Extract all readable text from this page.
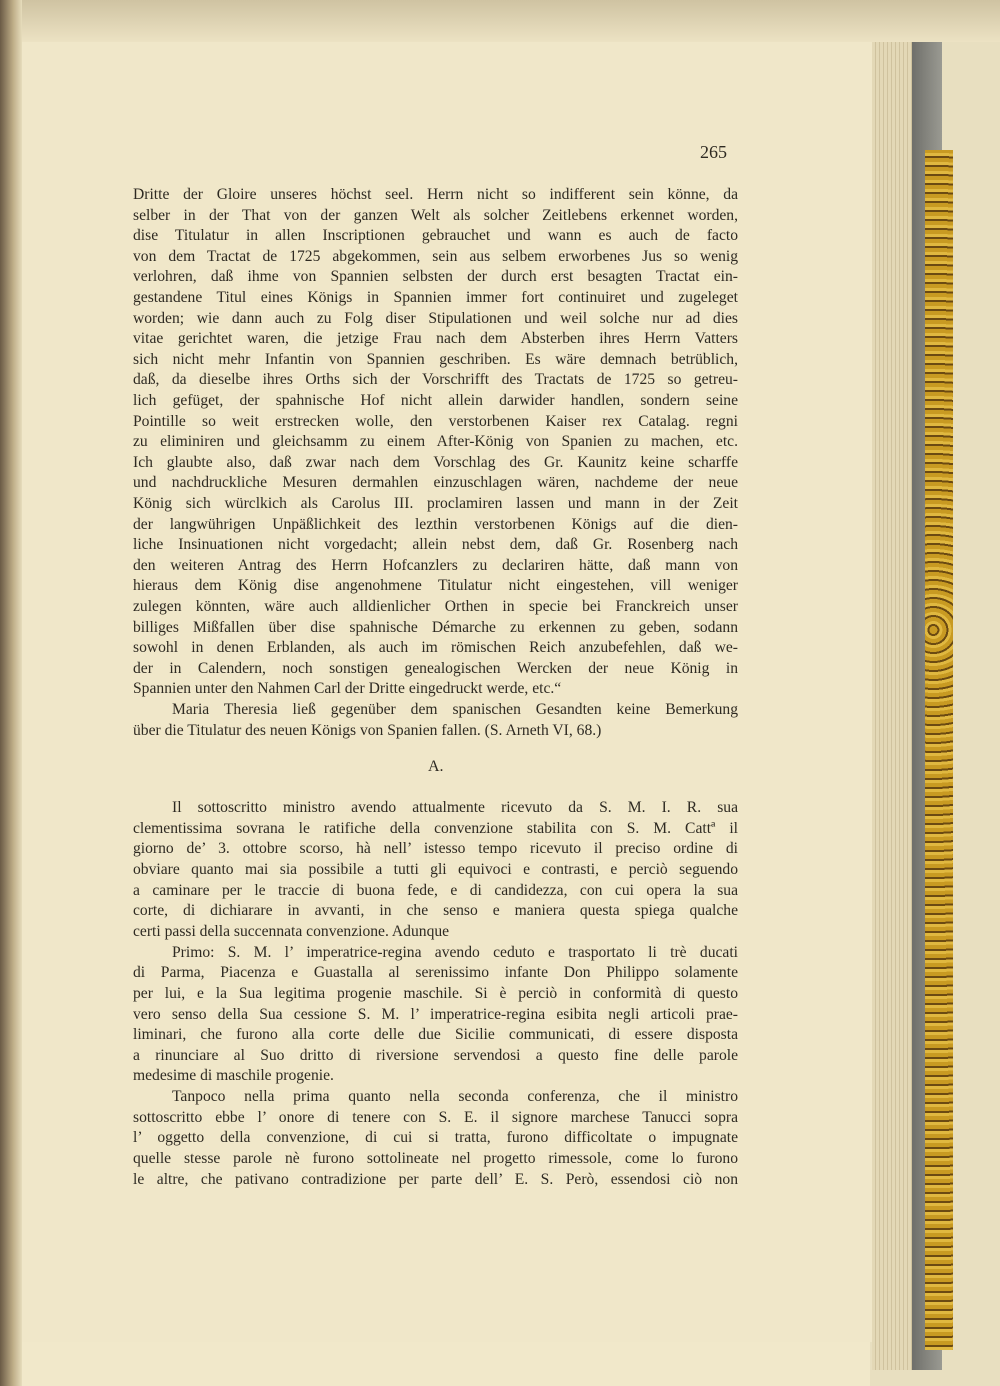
265
Dritte der Gloire unseres höchst seel. Herrn nicht so indifferent sein könne, da
selber in der That von der ganzen Welt als solcher Zeitlebens erkennet worden,
dise Titulatur in allen Inscriptionen gebrauchet und wann es auch de facto
von dem Tractat de 1725 abgekommen, sein aus selbem erworbenes Jus so wenig
verlohren, daß ihme von Spannien selbsten der durch erst besagten Tractat ein-
gestandene Titul eines Königs in Spannien immer fort continuiret und zugeleget
worden; wie dann auch zu Folg diser Stipulationen und weil solche nur ad dies
vitae gerichtet waren, die jetzige Frau nach dem Absterben ihres Herrn Vatters
sich nicht mehr Infantin von Spannien geschriben. Es wäre demnach betrüblich,
daß, da dieselbe ihres Orths sich der Vorschrifft des Tractats de 1725 so getreu-
lich gefüget, der spahnische Hof nicht allein darwider handlen, sondern seine
Pointille so weit erstrecken wolle, den verstorbenen Kaiser rex Catalag. regni
zu eliminiren und gleichsamm zu einem After-König von Spanien zu machen, etc.
Ich glaubte also, daß zwar nach dem Vorschlag des Gr. Kaunitz keine scharffe
und nachdruckliche Mesuren dermahlen einzuschlagen wären, nachdeme der neue
König sich würclkich als Carolus III. proclamiren lassen und mann in der Zeit
der langwührigen Unpäßlichkeit des lezthin verstorbenen Königs auf die dien-
liche Insinuationen nicht vorgedacht; allein nebst dem, daß Gr. Rosenberg nach
den weiteren Antrag des Herrn Hofcanzlers zu declariren hätte, daß mann von
hieraus dem König dise angenohmene Titulatur nicht eingestehen, vill weniger
zulegen könnten, wäre auch alldienlicher Orthen in specie bei Franckreich unser
billiges Mißfallen über dise spahnische Démarche zu erkennen zu geben, sodann
sowohl in denen Erblanden, als auch im römischen Reich anzubefehlen, daß we-
der in Calendern, noch sonstigen genealogischen Wercken der neue König in
Spannien unter den Nahmen Carl der Dritte eingedruckt werde, etc.“
Maria Theresia ließ gegenüber dem spanischen Gesandten keine Bemerkung
über die Titulatur des neuen Königs von Spanien fallen. (S. Arneth VI, 68.)
A.
Il sottoscritto ministro avendo attualmente ricevuto da S. M. I. R. sua
clementissima sovrana le ratifiche della convenzione stabilita con S. M. Cattª il
giorno de’ 3. ottobre scorso, hà nell’ istesso tempo ricevuto il preciso ordine di
obviare quanto mai sia possibile a tutti gli equivoci e contrasti, e perciò seguendo
a caminare per le traccie di buona fede, e di candidezza, con cui opera la sua
corte, di dichiarare in avvanti, in che senso e maniera questa spiega qualche
certi passi della succennata convenzione. Adunque
Primo: S. M. l’ imperatrice-regina avendo ceduto e trasportato li trè ducati
di Parma, Piacenza e Guastalla al serenissimo infante Don Philippo solamente
per lui, e la Sua legitima progenie maschile. Si è perciò in conformità di questo
vero senso della Sua cessione S. M. l’ imperatrice-regina esibita negli articoli prae-
liminari, che furono alla corte delle due Sicilie communicati, di essere disposta
a rinunciare al Suo dritto di riversione servendosi a questo fine delle parole
medesime di maschile progenie.
Tanpoco nella prima quanto nella seconda conferenza, che il ministro
sottoscritto ebbe l’ onore di tenere con S. E. il signore marchese Tanucci sopra
l’ oggetto della convenzione, di cui si tratta, furono difficoltate o impugnate
quelle stesse parole nè furono sottolineate nel progetto rimessole, come lo furono
le altre, che pativano contradizione per parte dell’ E. S. Però, essendosi ciò non
